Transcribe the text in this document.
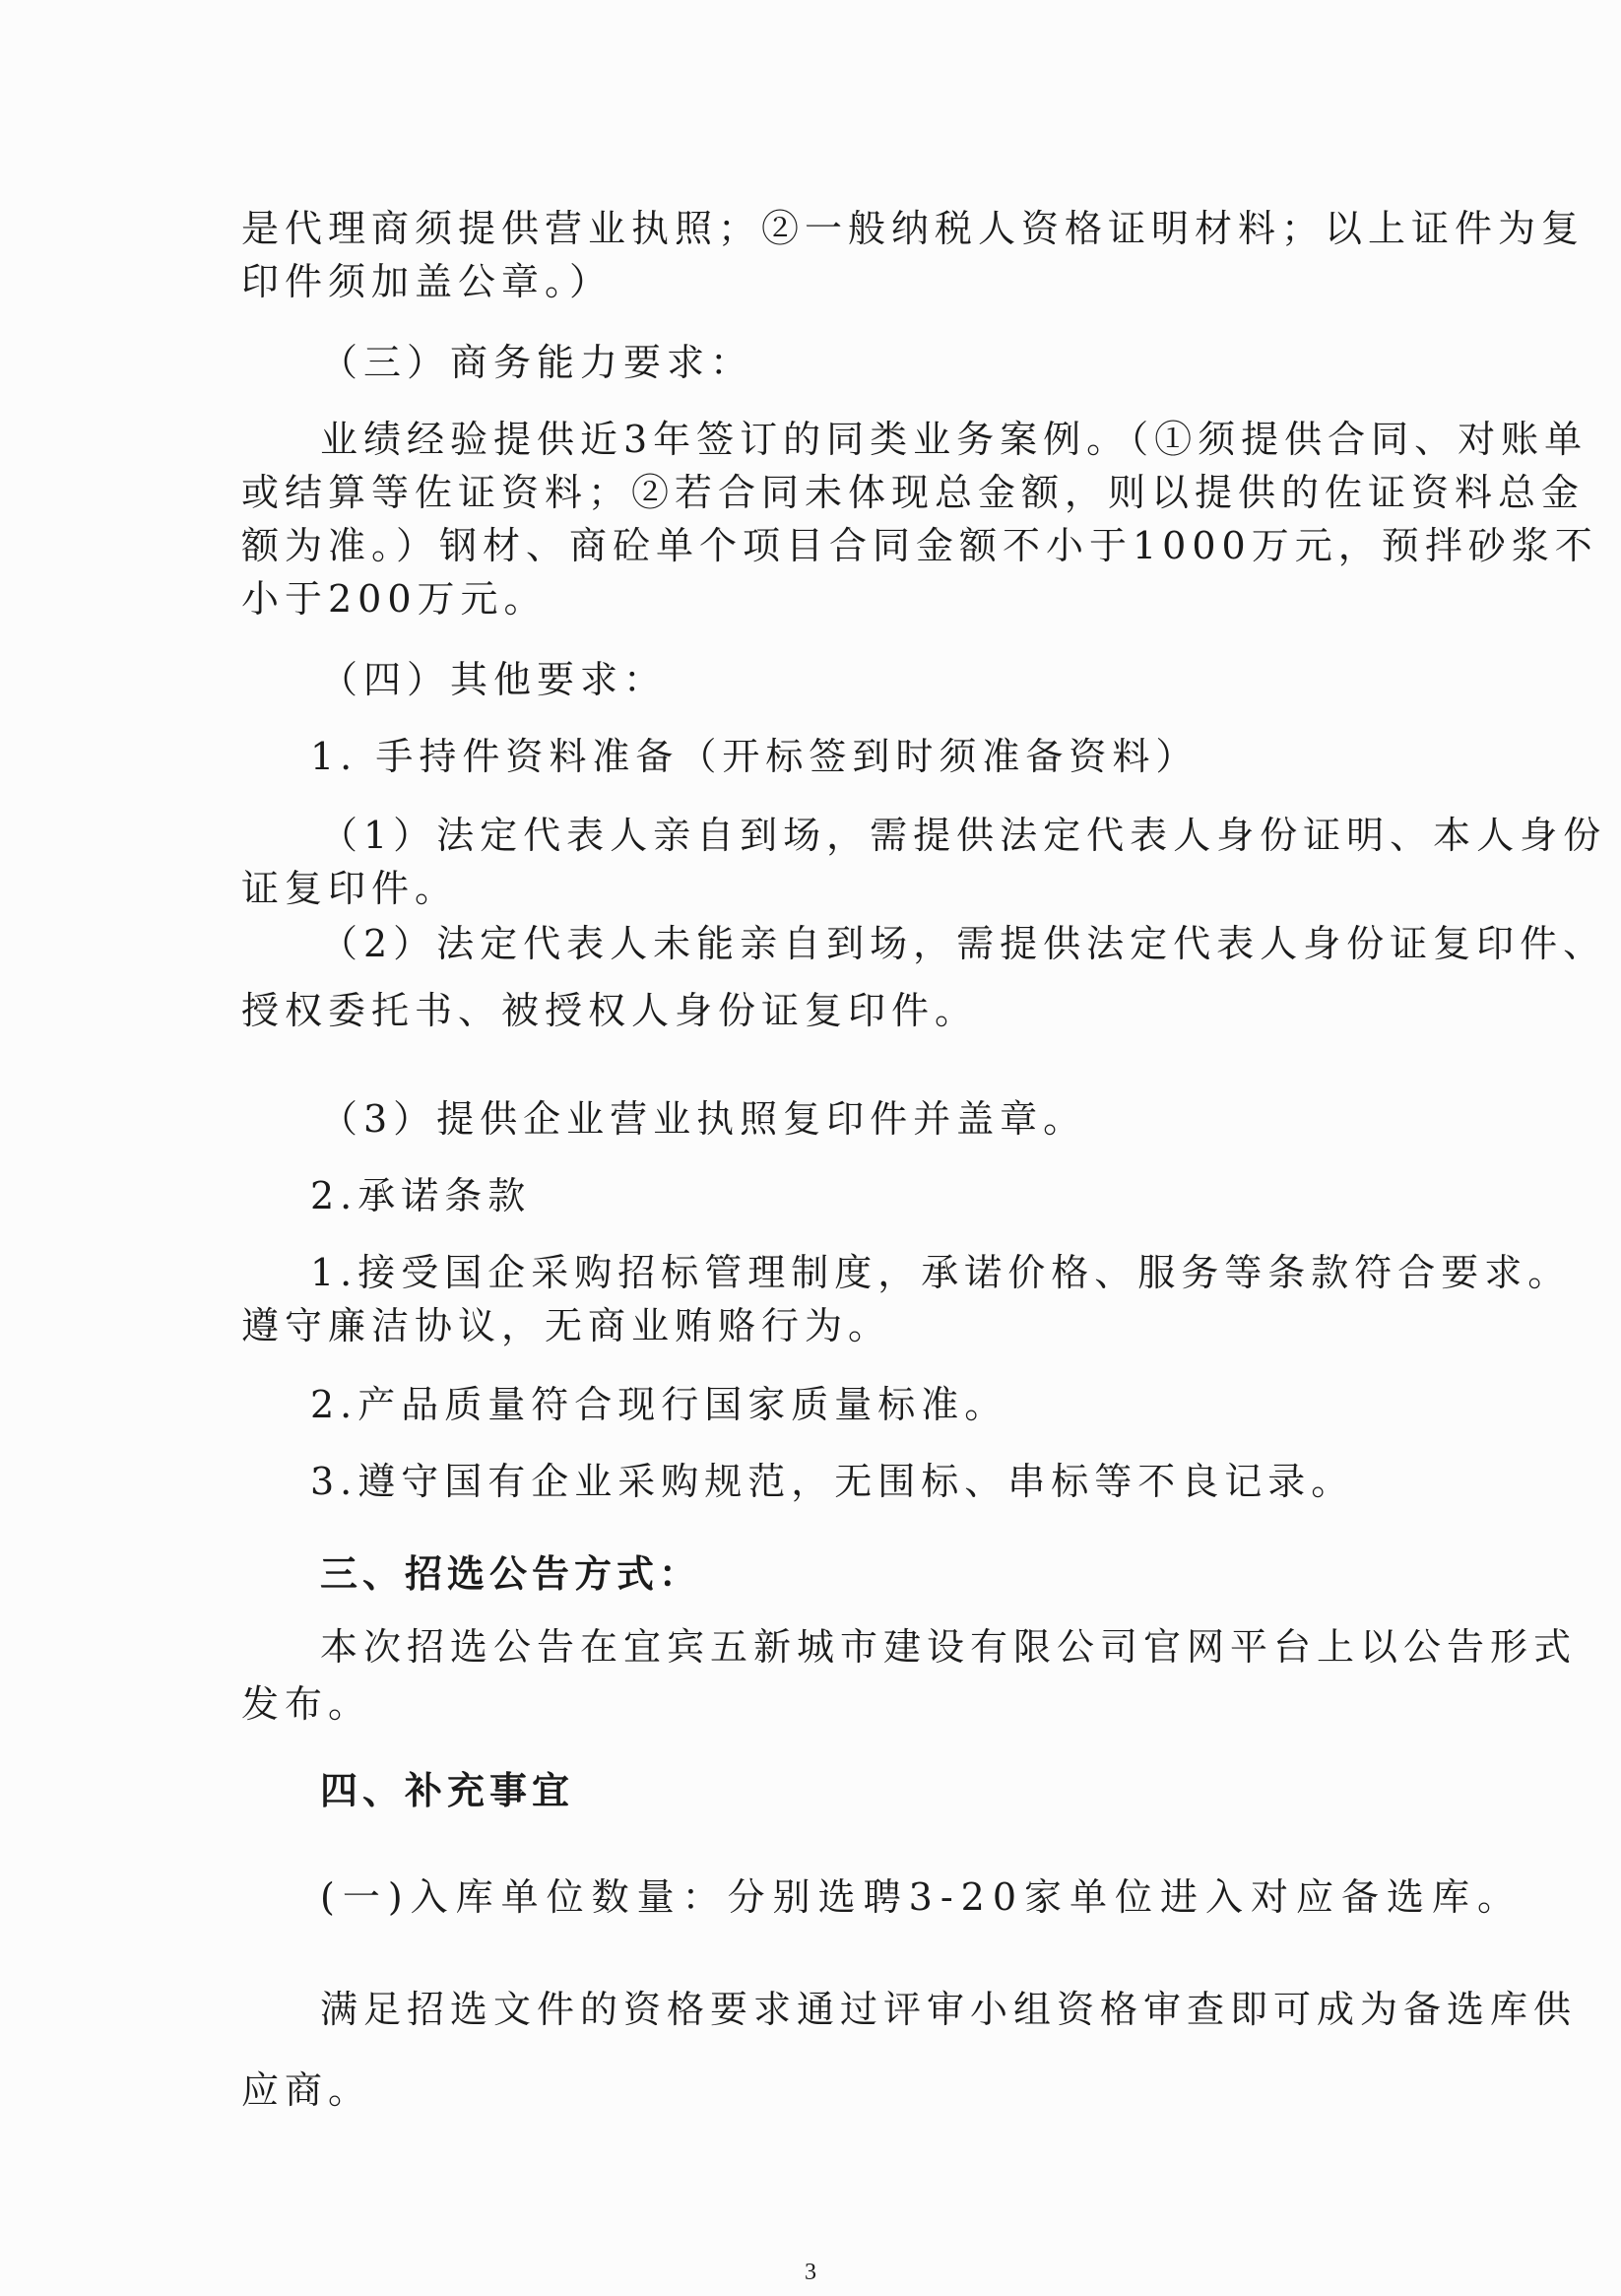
是代理商须提供营业执照；②一般纳税人资格证明材料；以上证件为复
印件须加盖公章。）
（三）商务能力要求：
业绩经验提供近3年签订的同类业务案例。（①须提供合同、对账单
或结算等佐证资料；②若合同未体现总金额，则以提供的佐证资料总金
额为准。）钢材、商砼单个项目合同金额不小于1000万元，预拌砂浆不
小于200万元。
（四）其他要求：
1. 手持件资料准备（开标签到时须准备资料）
（1）法定代表人亲自到场，需提供法定代表人身份证明、本人身份
证复印件。
（2）法定代表人未能亲自到场，需提供法定代表人身份证复印件、
授权委托书、被授权人身份证复印件。
（3）提供企业营业执照复印件并盖章。
2.承诺条款
1.接受国企采购招标管理制度，承诺价格、服务等条款符合要求。
遵守廉洁协议，无商业贿赂行为。
2.产品质量符合现行国家质量标准。
3.遵守国有企业采购规范，无围标、串标等不良记录。
三、招选公告方式：
本次招选公告在宜宾五新城市建设有限公司官网平台上以公告形式
发布。
四、补充事宜
(一)入库单位数量：分别选聘3-20家单位进入对应备选库。
满足招选文件的资格要求通过评审小组资格审查即可成为备选库供
应商。
3
